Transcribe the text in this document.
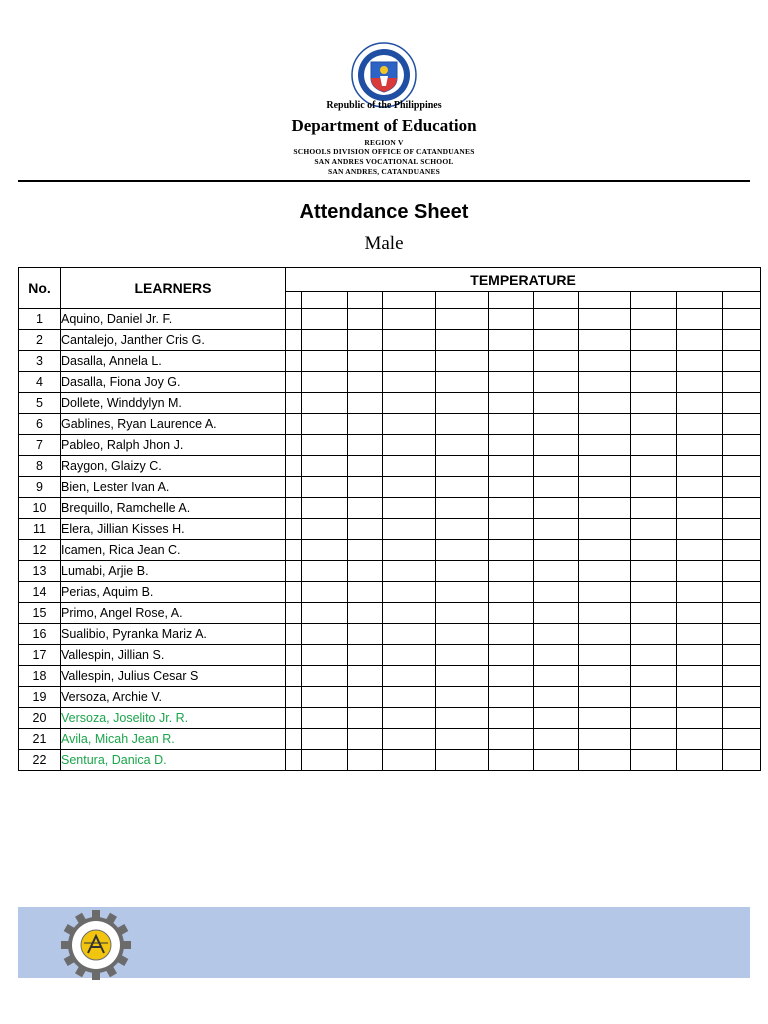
Republic of the Philippines
Department of Education
REGION V
SCHOOLS DIVISION OFFICE OF CATANDUANES
SAN ANDRES VOCATIONAL SCHOOL
SAN ANDRES, CATANDUANES
Attendance Sheet
Male
No.	LEARNERS	TEMPERATURE										

1	Aquino, Daniel Jr. F.											
2	Cantalejo, Janther Cris G.											
3	Dasalla, Annela L.											
4	Dasalla, Fiona Joy G.											
5	Dollete, Winddylyn M.											
6	Gablines, Ryan Laurence A.											
7	Pableo, Ralph Jhon J.											
8	Raygon, Glaizy C.											
9	Bien, Lester Ivan A.											
10	Brequillo, Ramchelle A.											
11	Elera, Jillian Kisses H.											
12	Icamen, Rica Jean C.											
13	Lumabi, Arjie B.											
14	Perias, Aquim B.											
15	Primo, Angel Rose, A.											
16	Sualibio, Pyranka Mariz A.											
17	Vallespin, Jillian S.											
18	Vallespin, Julius Cesar S											
19	Versoza, Archie V.											
20	Versoza, Joselito Jr. R.											
21	Avila, Micah Jean R.											
22	Sentura, Danica D.											
